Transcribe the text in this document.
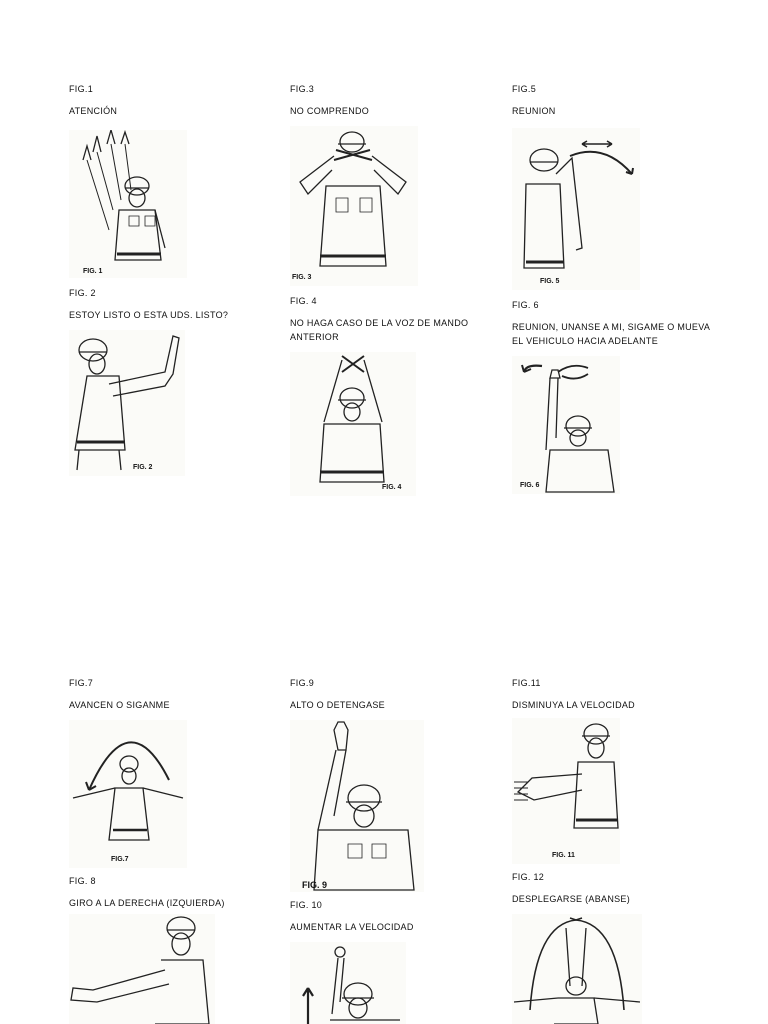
FIG.1

ATENCIÓN

FIG. 1

FIG. 2

ESTOY LISTO O ESTA UDS. LISTO?

FIG. 2

FIG.3

NO COMPRENDO

FIG. 3

FIG. 4

NO HAGA CASO DE LA VOZ DE MANDO ANTERIOR

FIG. 4

FIG.5

REUNION

FIG. 5

FIG. 6

REUNION, UNANSE A MI, SIGAME O MUEVA EL VEHICULO HACIA ADELANTE

FIG. 6

FIG.7

AVANCEN O SIGANME

FIG.7

FIG. 8

GIRO A LA DERECHA (IZQUIERDA)

FIG.9

ALTO O DETENGASE

FIG. 9

FIG. 10

AUMENTAR LA VELOCIDAD

FIG.11

DISMINUYA LA VELOCIDAD

FIG. 11

FIG. 12

DESPLEGARSE (ABANSE)
